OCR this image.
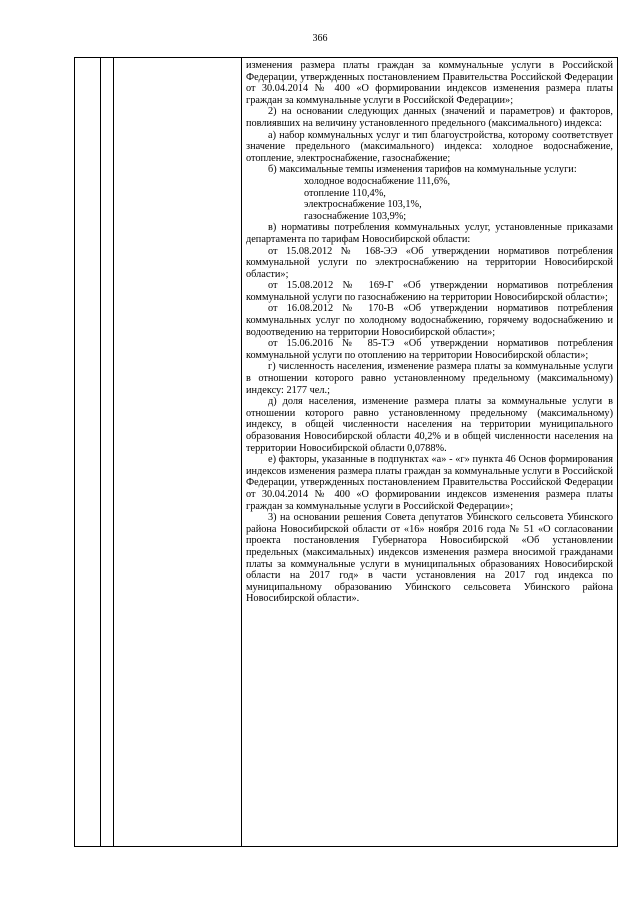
366

изменения размера платы граждан за коммунальные услуги в Российской Федерации, утвержденных постановлением Правительства Российской Федерации от 30.04.2014 № 400 «О формировании индексов изменения размера платы граждан за коммунальные услуги в Российской Федерации»;

2) на основании следующих данных (значений и параметров) и факторов, повлиявших на величину установленного предельного (максимального) индекса:

а) набор коммунальных услуг и тип благоустройства, которому соответствует значение предельного (максимального) индекса: холодное водоснабжение, отопление, электроснабжение, газоснабжение;

б) максимальные темпы изменения тарифов на коммунальные услуги:

холодное водоснабжение 111,6%,

отопление 110,4%,

электроснабжение 103,1%,

газоснабжение 103,9%;

в) нормативы потребления коммунальных услуг, установленные приказами департамента по тарифам Новосибирской области:

от 15.08.2012 № 168-ЭЭ «Об утверждении нормативов потребления коммунальной услуги по электроснабжению на территории Новосибирской области»;

от 15.08.2012 № 169-Г «Об утверждении нормативов потребления коммунальной услуги по газоснабжению на территории Новосибирской области»;

от 16.08.2012 № 170-В «Об утверждении нормативов потребления коммунальных услуг по холодному водоснабжению, горячему водоснабжению и водоотведению на территории Новосибирской области»;

от 15.06.2016 № 85-ТЭ «Об утверждении нормативов потребления коммунальной услуги по отоплению на территории Новосибирской области»;

г) численность населения, изменение размера платы за коммунальные услуги в отношении которого равно установленному предельному (максимальному) индексу: 2177 чел.;

д) доля населения, изменение размера платы за коммунальные услуги в отношении которого равно установленному предельному (максимальному) индексу, в общей численности населения на территории муниципального образования Новосибирской области 40,2% и в общей численности населения на территории Новосибирской области 0,0788%.

е) факторы, указанные в подпунктах «а» - «г» пункта 46 Основ формирования индексов изменения размера платы граждан за коммунальные услуги в Российской Федерации, утвержденных постановлением Правительства Российской Федерации от 30.04.2014 № 400 «О формировании индексов изменения размера платы граждан за коммунальные услуги в Российской Федерации»;

3) на основании решения Совета депутатов Убинского сельсовета Убинского района Новосибирской области от «16» ноября 2016 года № 51 «О согласовании проекта постановления Губернатора Новосибирской «Об установлении предельных (максимальных) индексов изменения размера вносимой гражданами платы за коммунальные услуги в муниципальных образованиях Новосибирской области на 2017 год» в части установления на 2017 год индекса по муниципальному образованию Убинского сельсовета Убинского района Новосибирской области».
